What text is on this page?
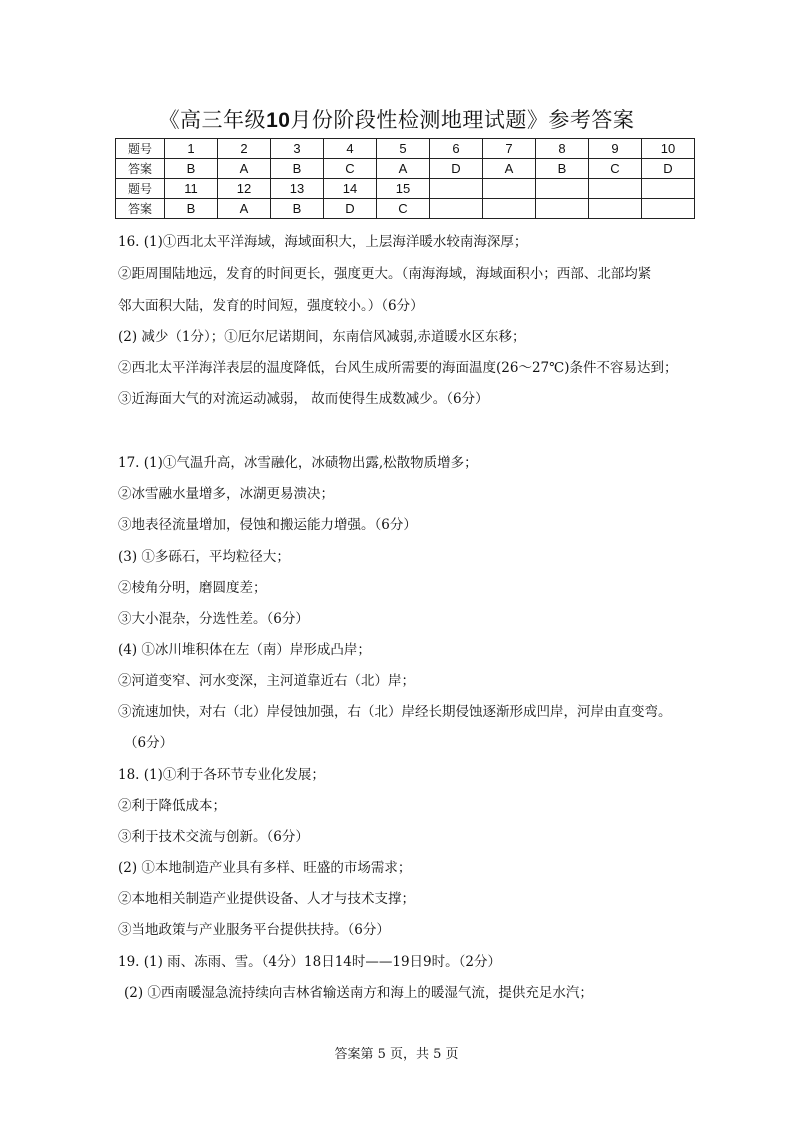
《高三年级10月份阶段性检测地理试题》参考答案
题号	1	2	3	4	5	6	7	8	9	10
答案	B	A	B	C	A	D	A	B	C	D
题号	11	12	13	14	15					
答案	B	A	B	D	C					
16. (1)①西北太平洋海域，海域面积大，上层海洋暖水较南海深厚；
②距周围陆地远，发育的时间更长，强度更大。（南海海域，海域面积小；西部、北部均紧
邻大面积大陆，发育的时间短，强度较小。）（6分）
(2) 减少（1分）；①厄尔尼诺期间，东南信风减弱,赤道暖水区东移；
②西北太平洋海洋表层的温度降低，台风生成所需要的海面温度(26～27℃)条件不容易达到；
③近海面大气的对流运动减弱， 故而使得生成数减少。（6分）
17. (1)①气温升高，冰雪融化，冰碛物出露,松散物质增多；
②冰雪融水量增多，冰湖更易溃决；
③地表径流量增加，侵蚀和搬运能力增强。（6分）
(3) ①多砾石，平均粒径大；
②棱角分明，磨圆度差；
③大小混杂，分选性差。（6分）
(4) ①冰川堆积体在左（南）岸形成凸岸；
②河道变窄、河水变深，主河道靠近右（北）岸；
③流速加快，对右（北）岸侵蚀加强，右（北）岸经长期侵蚀逐渐形成凹岸，河岸由直变弯。
（6分）
18. (1)①利于各环节专业化发展；
②利于降低成本；
③利于技术交流与创新。（6分）
(2) ①本地制造产业具有多样、旺盛的市场需求；
②本地相关制造产业提供设备、人才与技术支撑；
③当地政策与产业服务平台提供扶持。（6分）
19. (1) 雨、冻雨、雪。（4分）18日14时——19日9时。（2分）
(2) ①西南暖湿急流持续向吉林省输送南方和海上的暖湿气流，提供充足水汽；
答案第 5 页，共 5 页
